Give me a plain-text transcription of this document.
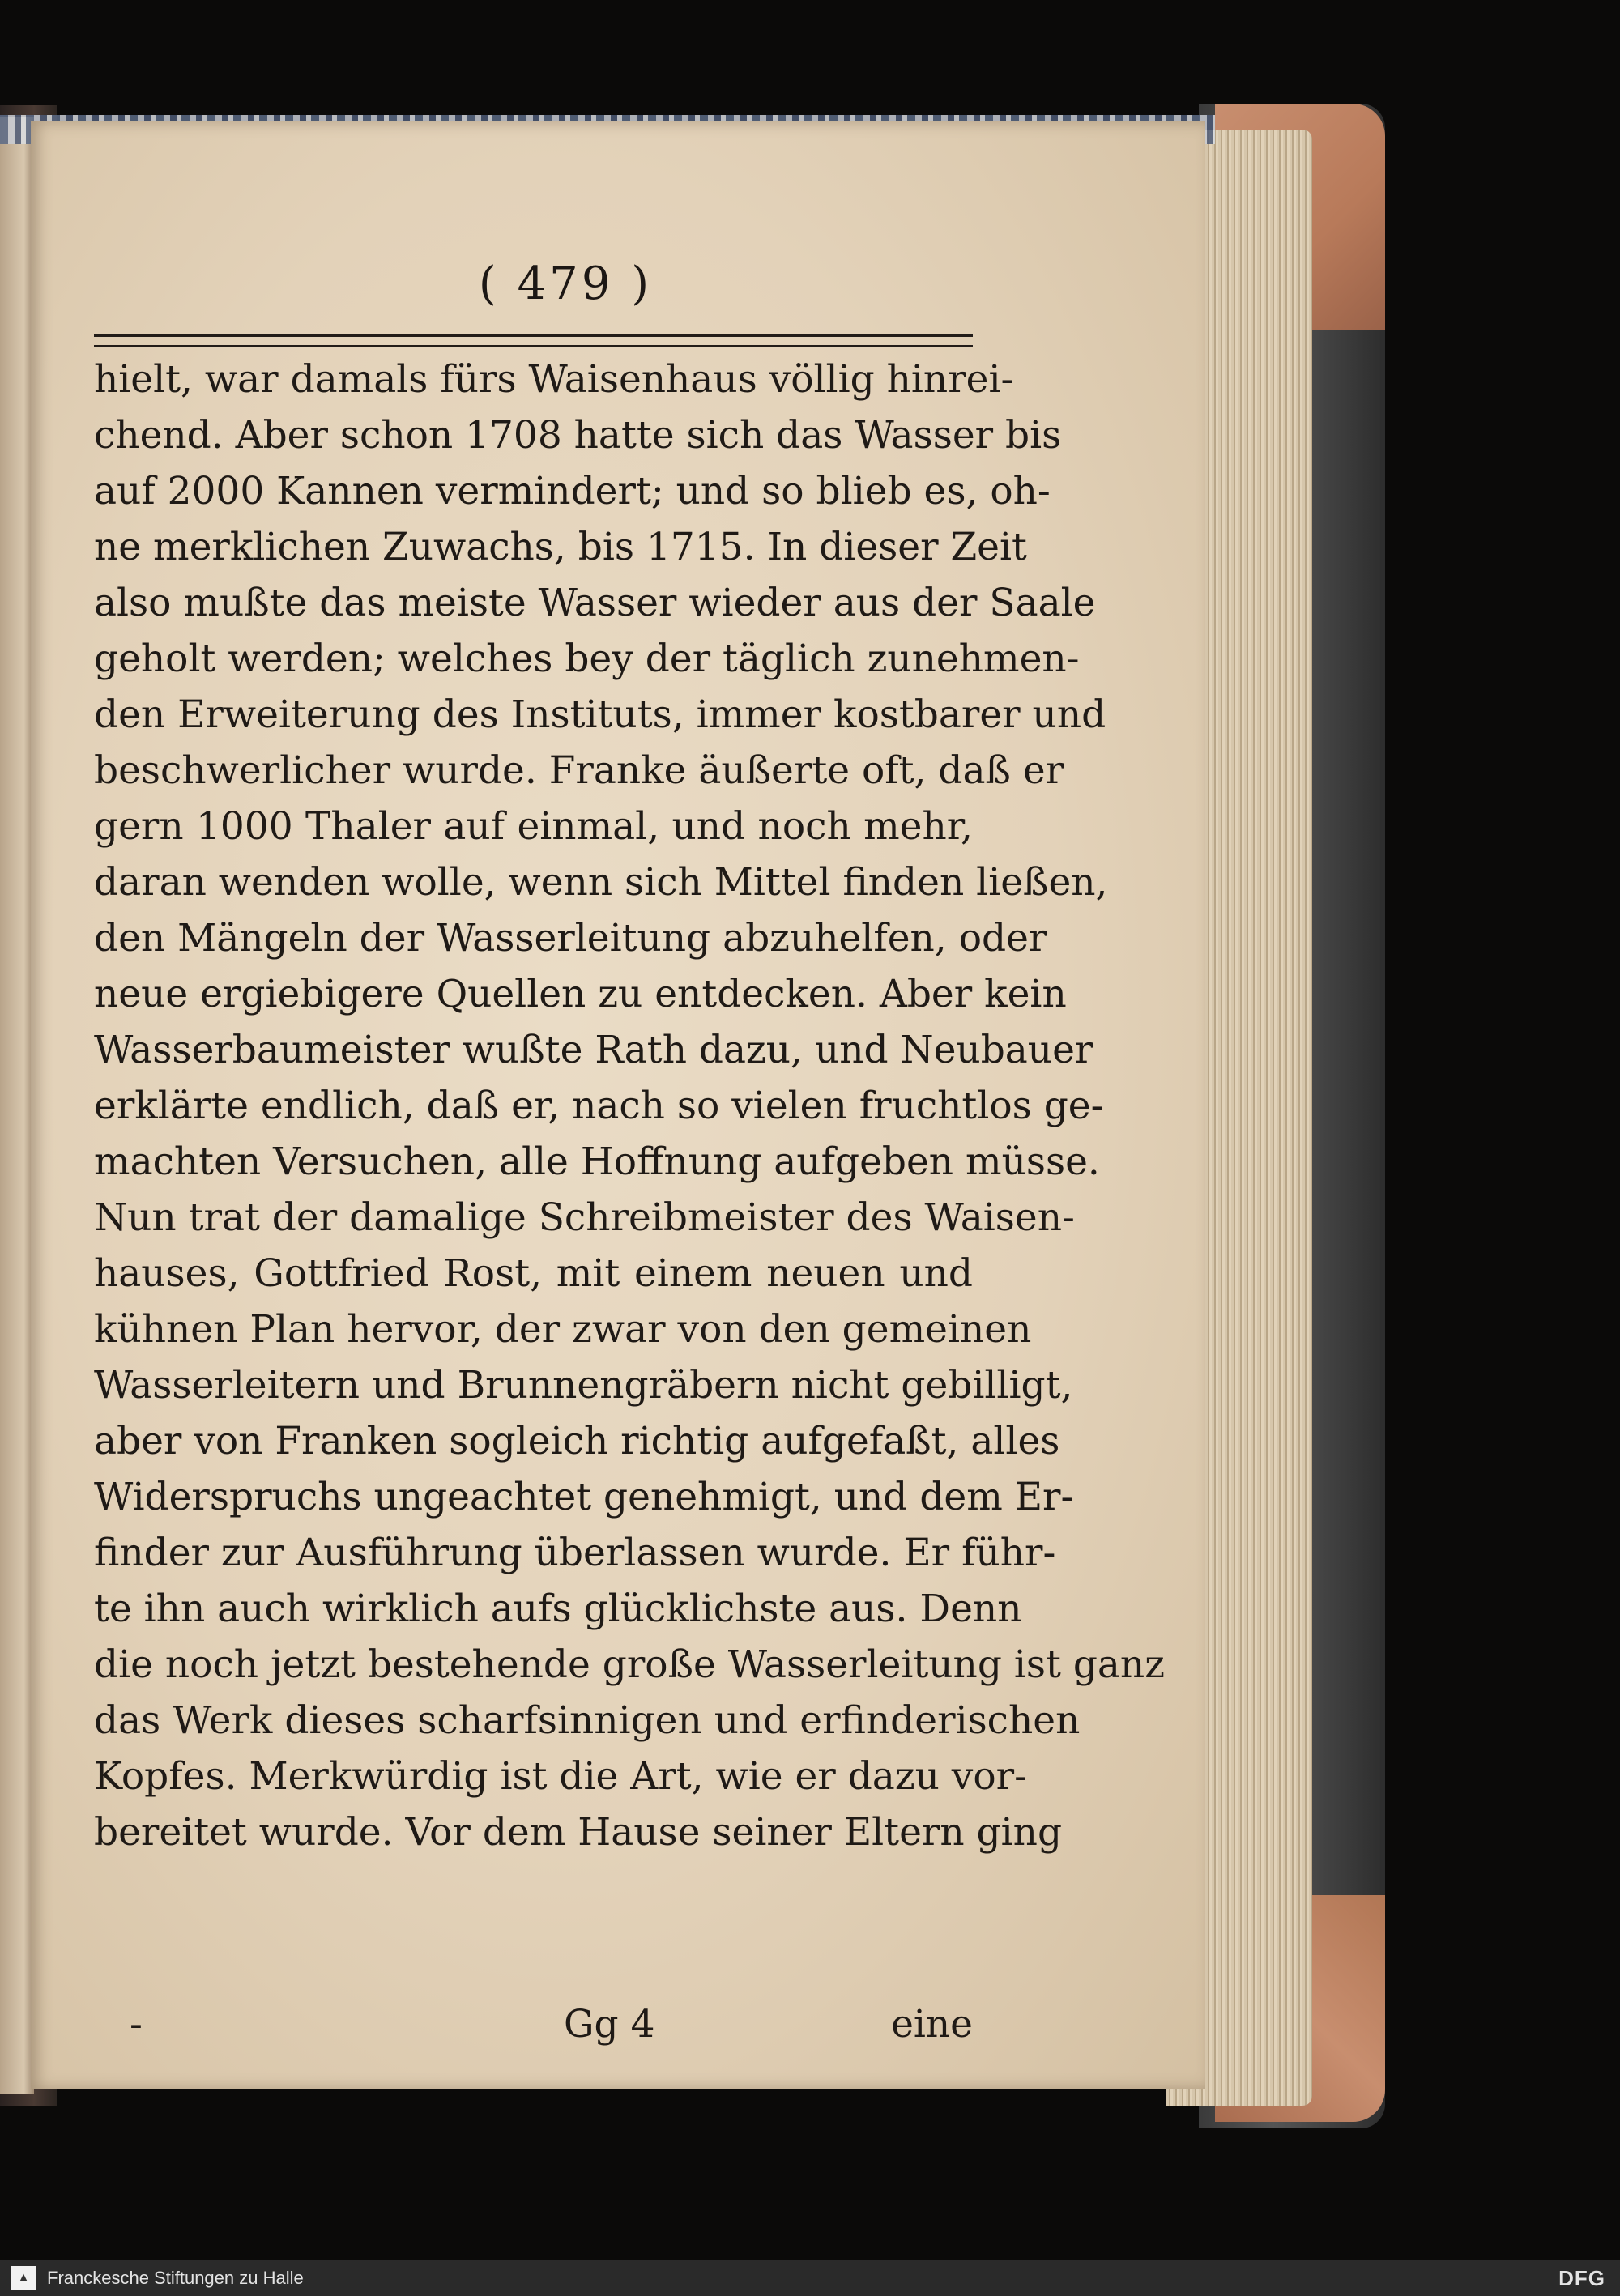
( 479 )
hielt, war damals fürs Waisenhaus völlig hinrei-
chend. Aber schon 1708 hatte sich das Wasser bis
auf 2000 Kannen vermindert; und so blieb es, oh-
ne merklichen Zuwachs, bis 1715. In dieser Zeit
also mußte das meiste Wasser wieder aus der Saale
geholt werden; welches bey der täglich zunehmen-
den Erweiterung des Instituts, immer kostbarer und
beschwerlicher wurde. Franke äußerte oft, daß er
gern 1000 Thaler auf einmal, und noch mehr,
daran wenden wolle, wenn sich Mittel finden ließen,
den Mängeln der Wasserleitung abzuhelfen, oder
neue ergiebigere Quellen zu entdecken. Aber kein
Wasserbaumeister wußte Rath dazu, und Neubauer
erklärte endlich, daß er, nach so vielen fruchtlos ge-
machten Versuchen, alle Hoffnung aufgeben müsse.
Nun trat der damalige Schreibmeister des Waisen-
hauses, Gottfried Rost, mit einem neuen und
kühnen Plan hervor, der zwar von den gemeinen
Wasserleitern und Brunnengräbern nicht gebilligt,
aber von Franken sogleich richtig aufgefaßt, alles
Widerspruchs ungeachtet genehmigt, und dem Er-
finder zur Ausführung überlassen wurde. Er führ-
te ihn auch wirklich aufs glücklichste aus. Denn
die noch jetzt bestehende große Wasserleitung ist ganz
das Werk dieses scharfsinnigen und erfinderischen
Kopfes. Merkwürdig ist die Art, wie er dazu vor-
bereitet wurde. Vor dem Hause seiner Eltern ging
-	Gg 4	eine
▲ Franckesche Stiftungen zu Halle	DFG
